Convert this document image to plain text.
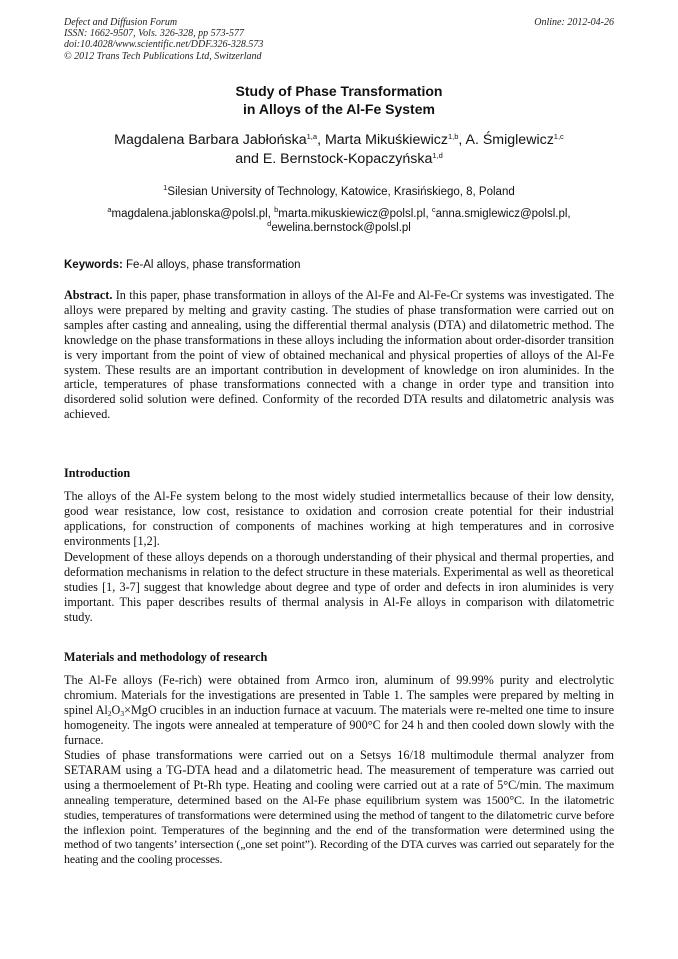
Defect and Diffusion Forum
ISSN: 1662-9507, Vols. 326-328, pp 573-577
doi:10.4028/www.scientific.net/DDF.326-328.573
© 2012 Trans Tech Publications Ltd, Switzerland
Online: 2012-04-26
Study of Phase Transformation
in Alloys of the Al-Fe System
Magdalena Barbara Jabłońska$^{1,a}$, Marta Mikuśkiewicz$^{1,b}$, A. Śmiglewicz$^{1,c}$
and E. Bernstock-Kopaczyńska$^{1,d}$
$^1$Silesian University of Technology, Katowice, Krasińskiego, 8, Poland
$^a$magdalena.jablonska@polsl.pl, $^b$marta.mikuskiewicz@polsl.pl, $^c$anna.smiglewicz@polsl.pl,
$^d$ewelina.bernstock@polsl.pl
Keywords: Fe-Al alloys, phase transformation
Abstract. In this paper, phase transformation in alloys of the Al-Fe and Al-Fe-Cr systems was investigated. The alloys were prepared by melting and gravity casting. The studies of phase transformation were carried out on samples after casting and annealing, using the differential thermal analysis (DTA) and dilatometric method. The knowledge on the phase transformations in these alloys including the information about order-disorder transition is very important from the point of view of obtained mechanical and physical properties of alloys of the Al-Fe system. These results are an important contribution in development of knowledge on iron aluminides. In the article, temperatures of phase transformations connected with a change in order type and transition into disordered solid solution were defined. Conformity of the recorded DTA results and dilatometric analysis was achieved.
Introduction
The alloys of the Al-Fe system belong to the most widely studied intermetallics because of their low density, good wear resistance, low cost, resistance to oxidation and corrosion create potential for their industrial applications, for construction of components of machines working at high temperatures and in corrosive environments [1,2].
Development of these alloys depends on a thorough understanding of their physical and thermal properties, and deformation mechanisms in relation to the defect structure in these materials. Experimental as well as theoretical studies [1, 3-7] suggest that knowledge about degree and type of order and defects in iron aluminides is very important. This paper describes results of thermal analysis in Al-Fe alloys in comparison with dilatometric study.
Materials and methodology of research
The Al-Fe alloys (Fe-rich) were obtained from Armco iron, aluminum of 99.99% purity and electrolytic chromium. Materials for the investigations are presented in Table 1. The samples were prepared by melting in spinel $Al_2O_3\times MgO$ crucibles in an induction furnace at vacuum. The materials were re-melted one time to insure homogeneity. The ingots were annealed at temperature of 900°C for 24 h and then cooled down slowly with the furnace.
Studies of phase transformations were carried out on a Setsys 16/18 multimodule thermal analyzer from SETARAM using a TG-DTA head and a dilatometric head. The measurement of temperature was carried out using a thermoelement of Pt-Rh type. Heating and cooling were carried out at a rate of 5°C/min. The maximum annealing temperature, determined based on the Al-Fe phase equilibrium system was 1500°C. In the ilatometric studies, temperatures of transformations were determined using the method of tangent to the dilatometric curve before the inflexion point. Temperatures of the beginning and the end of the transformation were determined using the method of two tangents’ intersection („one set point”). Recording of the DTA curves was carried out separately for the heating and the cooling processes.
